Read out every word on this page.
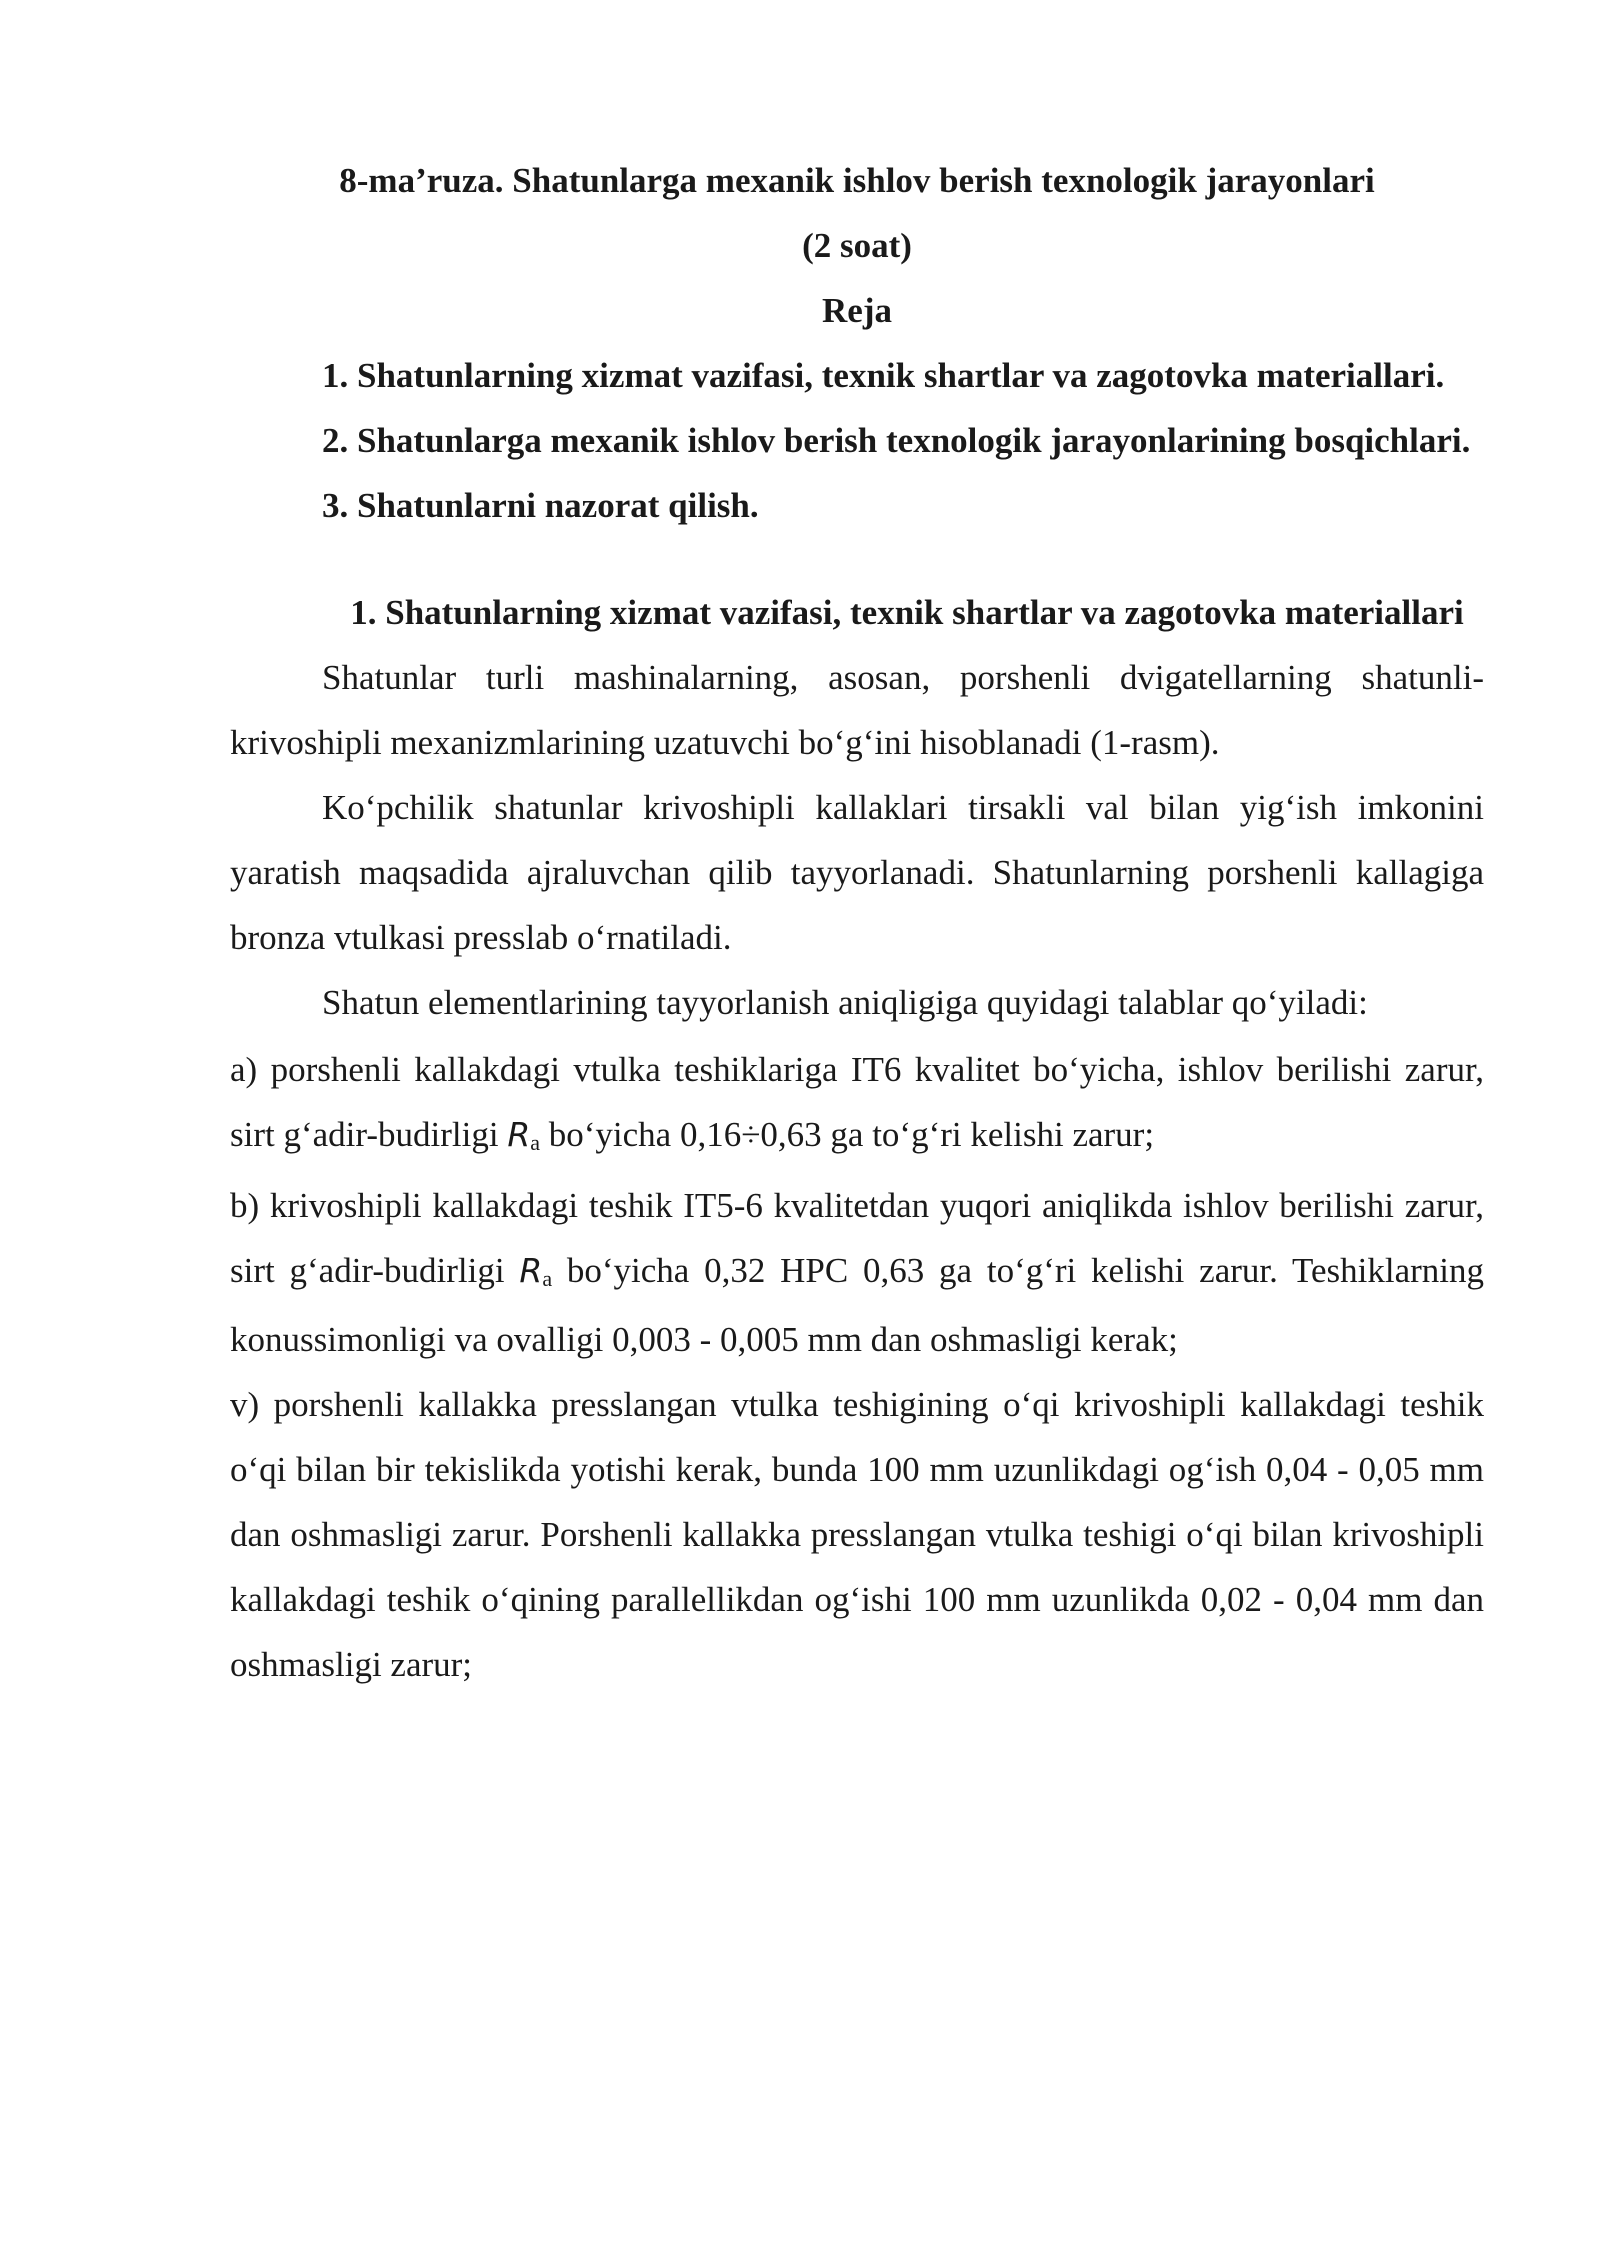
8-ma’ruza. Shatunlarga mexanik ishlov berish texnologik jarayonlari

(2 soat)

Reja

1. Shatunlarning xizmat vazifasi, texnik shartlar va zagotovka materiallari.

2. Shatunlarga mexanik ishlov berish texnologik jarayonlarining bosqichlari.

3. Shatunlarni nazorat qilish.

1. Shatunlarning xizmat vazifasi, texnik shartlar va zagotovka materiallari

Shatunlar turli mashinalarning, asosan, porshenli dvigatellarning shatunli-krivoshipli mexanizmlarining uzatuvchi bo‘g‘ini hisoblanadi (1-rasm).

Ko‘pchilik shatunlar krivoshipli kallaklari tirsakli val bilan yig‘ish imkonini yaratish maqsadida ajraluvchan qilib tayyorlanadi. Shatunlarning porshenli kallagiga bronza vtulkasi presslab o‘rnatiladi.

Shatun elementlarining tayyorlanish aniqligiga quyidagi talablar qo‘yiladi:

a) porshenli kallakdagi vtulka teshiklariga IT6 kvalitet bo‘yicha, ishlov berilishi zarur, sirt g‘adir-budirligi $R_a$ bo‘yicha 0,16÷0,63 ga to‘g‘ri kelishi zarur;

b) krivoshipli kallakdagi teshik IT5-6 kvalitetdan yuqori aniqlikda ishlov berilishi zarur, sirt g‘adir-budirligi $R_a$ bo‘yicha 0,32 HPC 0,63 ga to‘g‘ri kelishi zarur. Teshiklarning konussimonligi va ovalligi 0,003 - 0,005 mm dan oshmasligi kerak;

v) porshenli kallakka presslangan vtulka teshigining o‘qi krivoshipli kallakdagi teshik o‘qi bilan bir tekislikda yotishi kerak, bunda 100 mm uzunlikdagi og‘ish 0,04 - 0,05 mm dan oshmasligi zarur. Porshenli kallakka presslangan vtulka teshigi o‘qi bilan krivoshipli kallakdagi teshik o‘qining parallellikdan og‘ishi 100 mm uzunlikda 0,02 - 0,04 mm dan oshmasligi zarur;
